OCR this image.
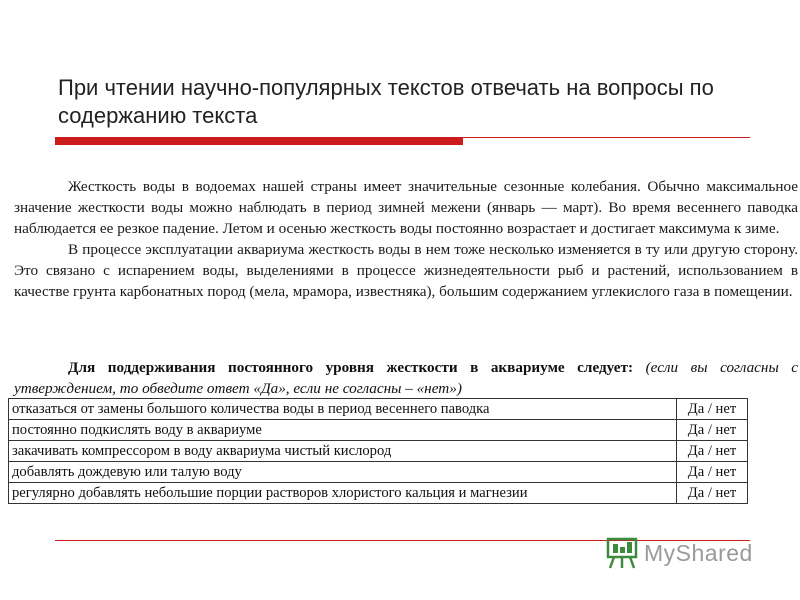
При чтении научно-популярных текстов отвечать на вопросы по содержанию текста

Жесткость воды в водоемах нашей страны имеет значительные сезонные колебания. Обычно максимальное значение жесткости воды можно наблюдать в период зимней межени (январь — март). Во время весеннего паводка наблюдается ее резкое падение. Летом и осенью жесткость воды постоянно возрастает и достигает максимума к зиме.

В процессе эксплуатации аквариума жесткость воды в нем тоже несколько изменяется в ту или другую сторону. Это связано с испарением воды, выделениями в процессе жизнедеятельности рыб и растений, использованием в качестве грунта карбонатных пород (мела, мрамора, известняка), большим содержанием углекислого газа в помещении.

Для поддерживания постоянного уровня жесткости в аквариуме следует: (если вы согласны с утверждением, то обведите ответ «Да», если не согласны – «нет»)
отказаться от замены большого количества воды в период весеннего паводка	Да / нет
постоянно подкислять воду в аквариуме	Да / нет
закачивать компрессором в воду аквариума чистый кислород	Да / нет
добавлять дождевую или талую воду	Да / нет
регулярно добавлять небольшие порции растворов хлористого кальция и магнезии	Да / нет
MyShared
